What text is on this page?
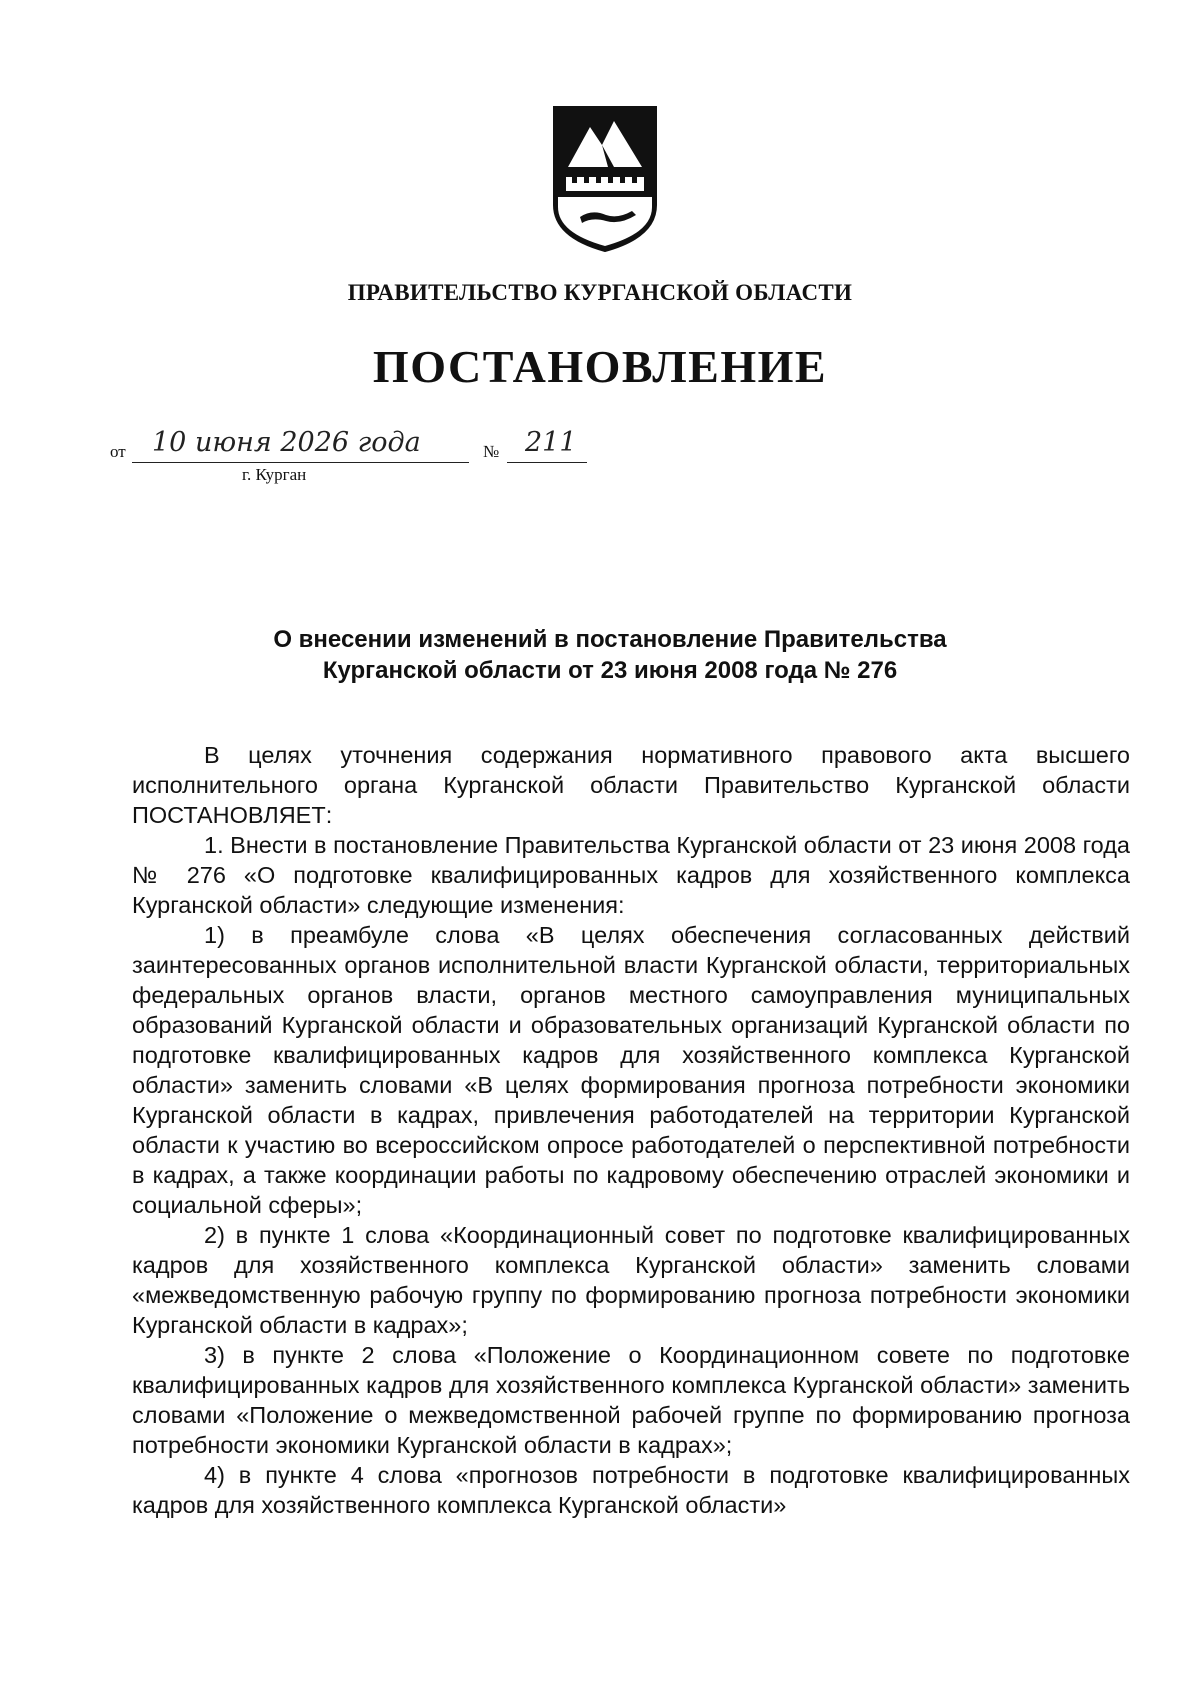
ПРАВИТЕЛЬСТВО КУРГАНСКОЙ ОБЛАСТИ
ПОСТАНОВЛЕНИЕ
от 10 июня 2026 года	№ 211
г. Курган
О внесении изменений в постановление Правительства
Курганской области от 23 июня 2008 года № 276

В целях уточнения содержания нормативного правового акта высшего исполнительного органа Курганской области Правительство Курганской области ПОСТАНОВЛЯЕТ:

1. Внести в постановление Правительства Курганской области от 23 июня 2008 года № 276 «О подготовке квалифицированных кадров для хозяйственного комплекса Курганской области» следующие изменения:

1) в преамбуле слова «В целях обеспечения согласованных действий заинтересованных органов исполнительной власти Курганской области, территориальных федеральных органов власти, органов местного самоуправления муниципальных образований Курганской области и образовательных организаций Курганской области по подготовке квалифицированных кадров для хозяйственного комплекса Курганской области» заменить словами «В целях формирования прогноза потребности экономики Курганской области в кадрах, привлечения работодателей на территории Курганской области к участию во всероссийском опросе работодателей о перспективной потребности в кадрах, а также координации работы по кадровому обеспечению отраслей экономики и социальной сферы»;

2) в пункте 1 слова «Координационный совет по подготовке квалифицированных кадров для хозяйственного комплекса Курганской области» заменить словами «межведомственную рабочую группу по формированию прогноза потребности экономики Курганской области в кадрах»;

3) в пункте 2 слова «Положение о Координационном совете по подготовке квалифицированных кадров для хозяйственного комплекса Курганской области» заменить словами «Положение о межведомственной рабочей группе по формированию прогноза потребности экономики Курганской области в кадрах»;

4) в пункте 4 слова «прогнозов потребности в подготовке квалифицированных кадров для хозяйственного комплекса Курганской области»
